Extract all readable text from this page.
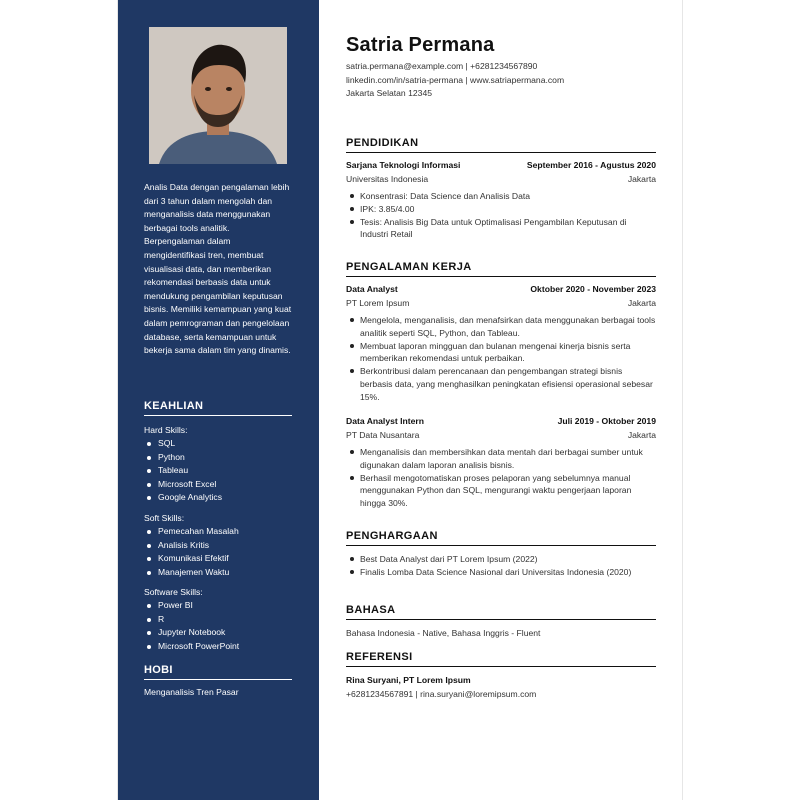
Analis Data dengan pengalaman lebih dari 3 tahun dalam mengolah dan menganalisis data menggunakan berbagai tools analitik. Berpengalaman dalam mengidentifikasi tren, membuat visualisasi data, dan memberikan rekomendasi berbasis data untuk mendukung pengambilan keputusan bisnis. Memiliki kemampuan yang kuat dalam pemrograman dan pengelolaan database, serta kemampuan untuk bekerja sama dalam tim yang dinamis.
KEAHLIAN
Hard Skills:
SQL
Python
Tableau
Microsoft Excel
Google Analytics
Soft Skills:
Pemecahan Masalah
Analisis Kritis
Komunikasi Efektif
Manajemen Waktu
Software Skills:
Power BI
R
Jupyter Notebook
Microsoft PowerPoint
HOBI
Menganalisis Tren Pasar
Satria Permana
satria.permana@example.com | +6281234567890
linkedin.com/in/satria-permana | www.satriapermana.com
Jakarta Selatan 12345
PENDIDIKAN
Sarjana Teknologi Informasi	September 2016 - Agustus 2020
Universitas Indonesia	Jakarta
Konsentrasi: Data Science dan Analisis Data
IPK: 3.85/4.00
Tesis: Analisis Big Data untuk Optimalisasi Pengambilan Keputusan di Industri Retail
PENGALAMAN KERJA
Data Analyst	Oktober 2020 - November 2023
PT Lorem Ipsum	Jakarta
Mengelola, menganalisis, dan menafsirkan data menggunakan berbagai tools analitik seperti SQL, Python, dan Tableau.
Membuat laporan mingguan dan bulanan mengenai kinerja bisnis serta memberikan rekomendasi untuk perbaikan.
Berkontribusi dalam perencanaan dan pengembangan strategi bisnis berbasis data, yang menghasilkan peningkatan efisiensi operasional sebesar 15%.
Data Analyst Intern	Juli 2019 - Oktober 2019
PT Data Nusantara	Jakarta
Menganalisis dan membersihkan data mentah dari berbagai sumber untuk digunakan dalam laporan analisis bisnis.
Berhasil mengotomatiskan proses pelaporan yang sebelumnya manual menggunakan Python dan SQL, mengurangi waktu pengerjaan laporan hingga 30%.
PENGHARGAAN
Best Data Analyst dari PT Lorem Ipsum (2022)
Finalis Lomba Data Science Nasional dari Universitas Indonesia (2020)
BAHASA
Bahasa Indonesia - Native, Bahasa Inggris - Fluent
REFERENSI
Rina Suryani, PT Lorem Ipsum
+6281234567891 | rina.suryani@loremipsum.com
